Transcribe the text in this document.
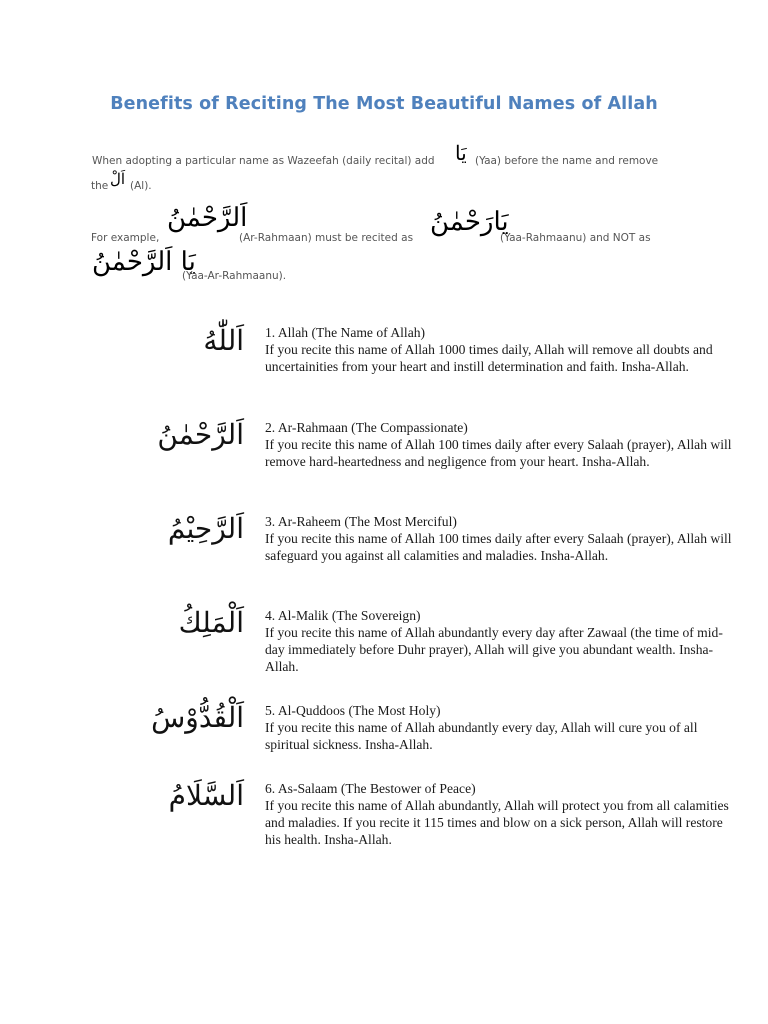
Benefits of Reciting The Most Beautiful Names of Allah
When adopting a particular name as Wazeefah (daily recital) add يَا (Yaa) before the name and remove
the اَلْ (Al).
For example,
اَلرَّحْمٰنُ
(Ar-Rahmaan) must be recited as
يَارَحْمٰنُ
(Yaa-Rahmaanu) and NOT as
يَا اَلرَّحْمٰنُ
(Yaa-Ar-Rahmaanu).
اَللّٰهُ 1. Allah (The Name of Allah)
If you recite this name of Allah 1000 times daily, Allah will remove all doubts and uncertainities from your heart and instill determination and faith. Insha-Allah.
اَلرَّحْمٰنُ 2. Ar-Rahmaan (The Compassionate)
If you recite this name of Allah 100 times daily after every Salaah (prayer), Allah will remove hard-heartedness and negligence from your heart. Insha-Allah.
اَلرَّحِيْمُ 3. Ar-Raheem (The Most Merciful)
If you recite this name of Allah 100 times daily after every Salaah (prayer), Allah will safeguard you against all calamities and maladies. Insha-Allah.
اَلْمَلِكُ 4. Al-Malik (The Sovereign)
If you recite this name of Allah abundantly every day after Zawaal (the time of mid-day immediately before Duhr prayer), Allah will give you abundant wealth. Insha-Allah.
اَلْقُدُّوْسُ 5. Al-Quddoos (The Most Holy)
If you recite this name of Allah abundantly every day, Allah will cure you of all spiritual sickness. Insha-Allah.
اَلسَّلَامُ 6. As-Salaam (The Bestower of Peace)
If you recite this name of Allah abundantly, Allah will protect you from all calamities and maladies. If you recite it 115 times and blow on a sick person, Allah will restore his health. Insha-Allah.
